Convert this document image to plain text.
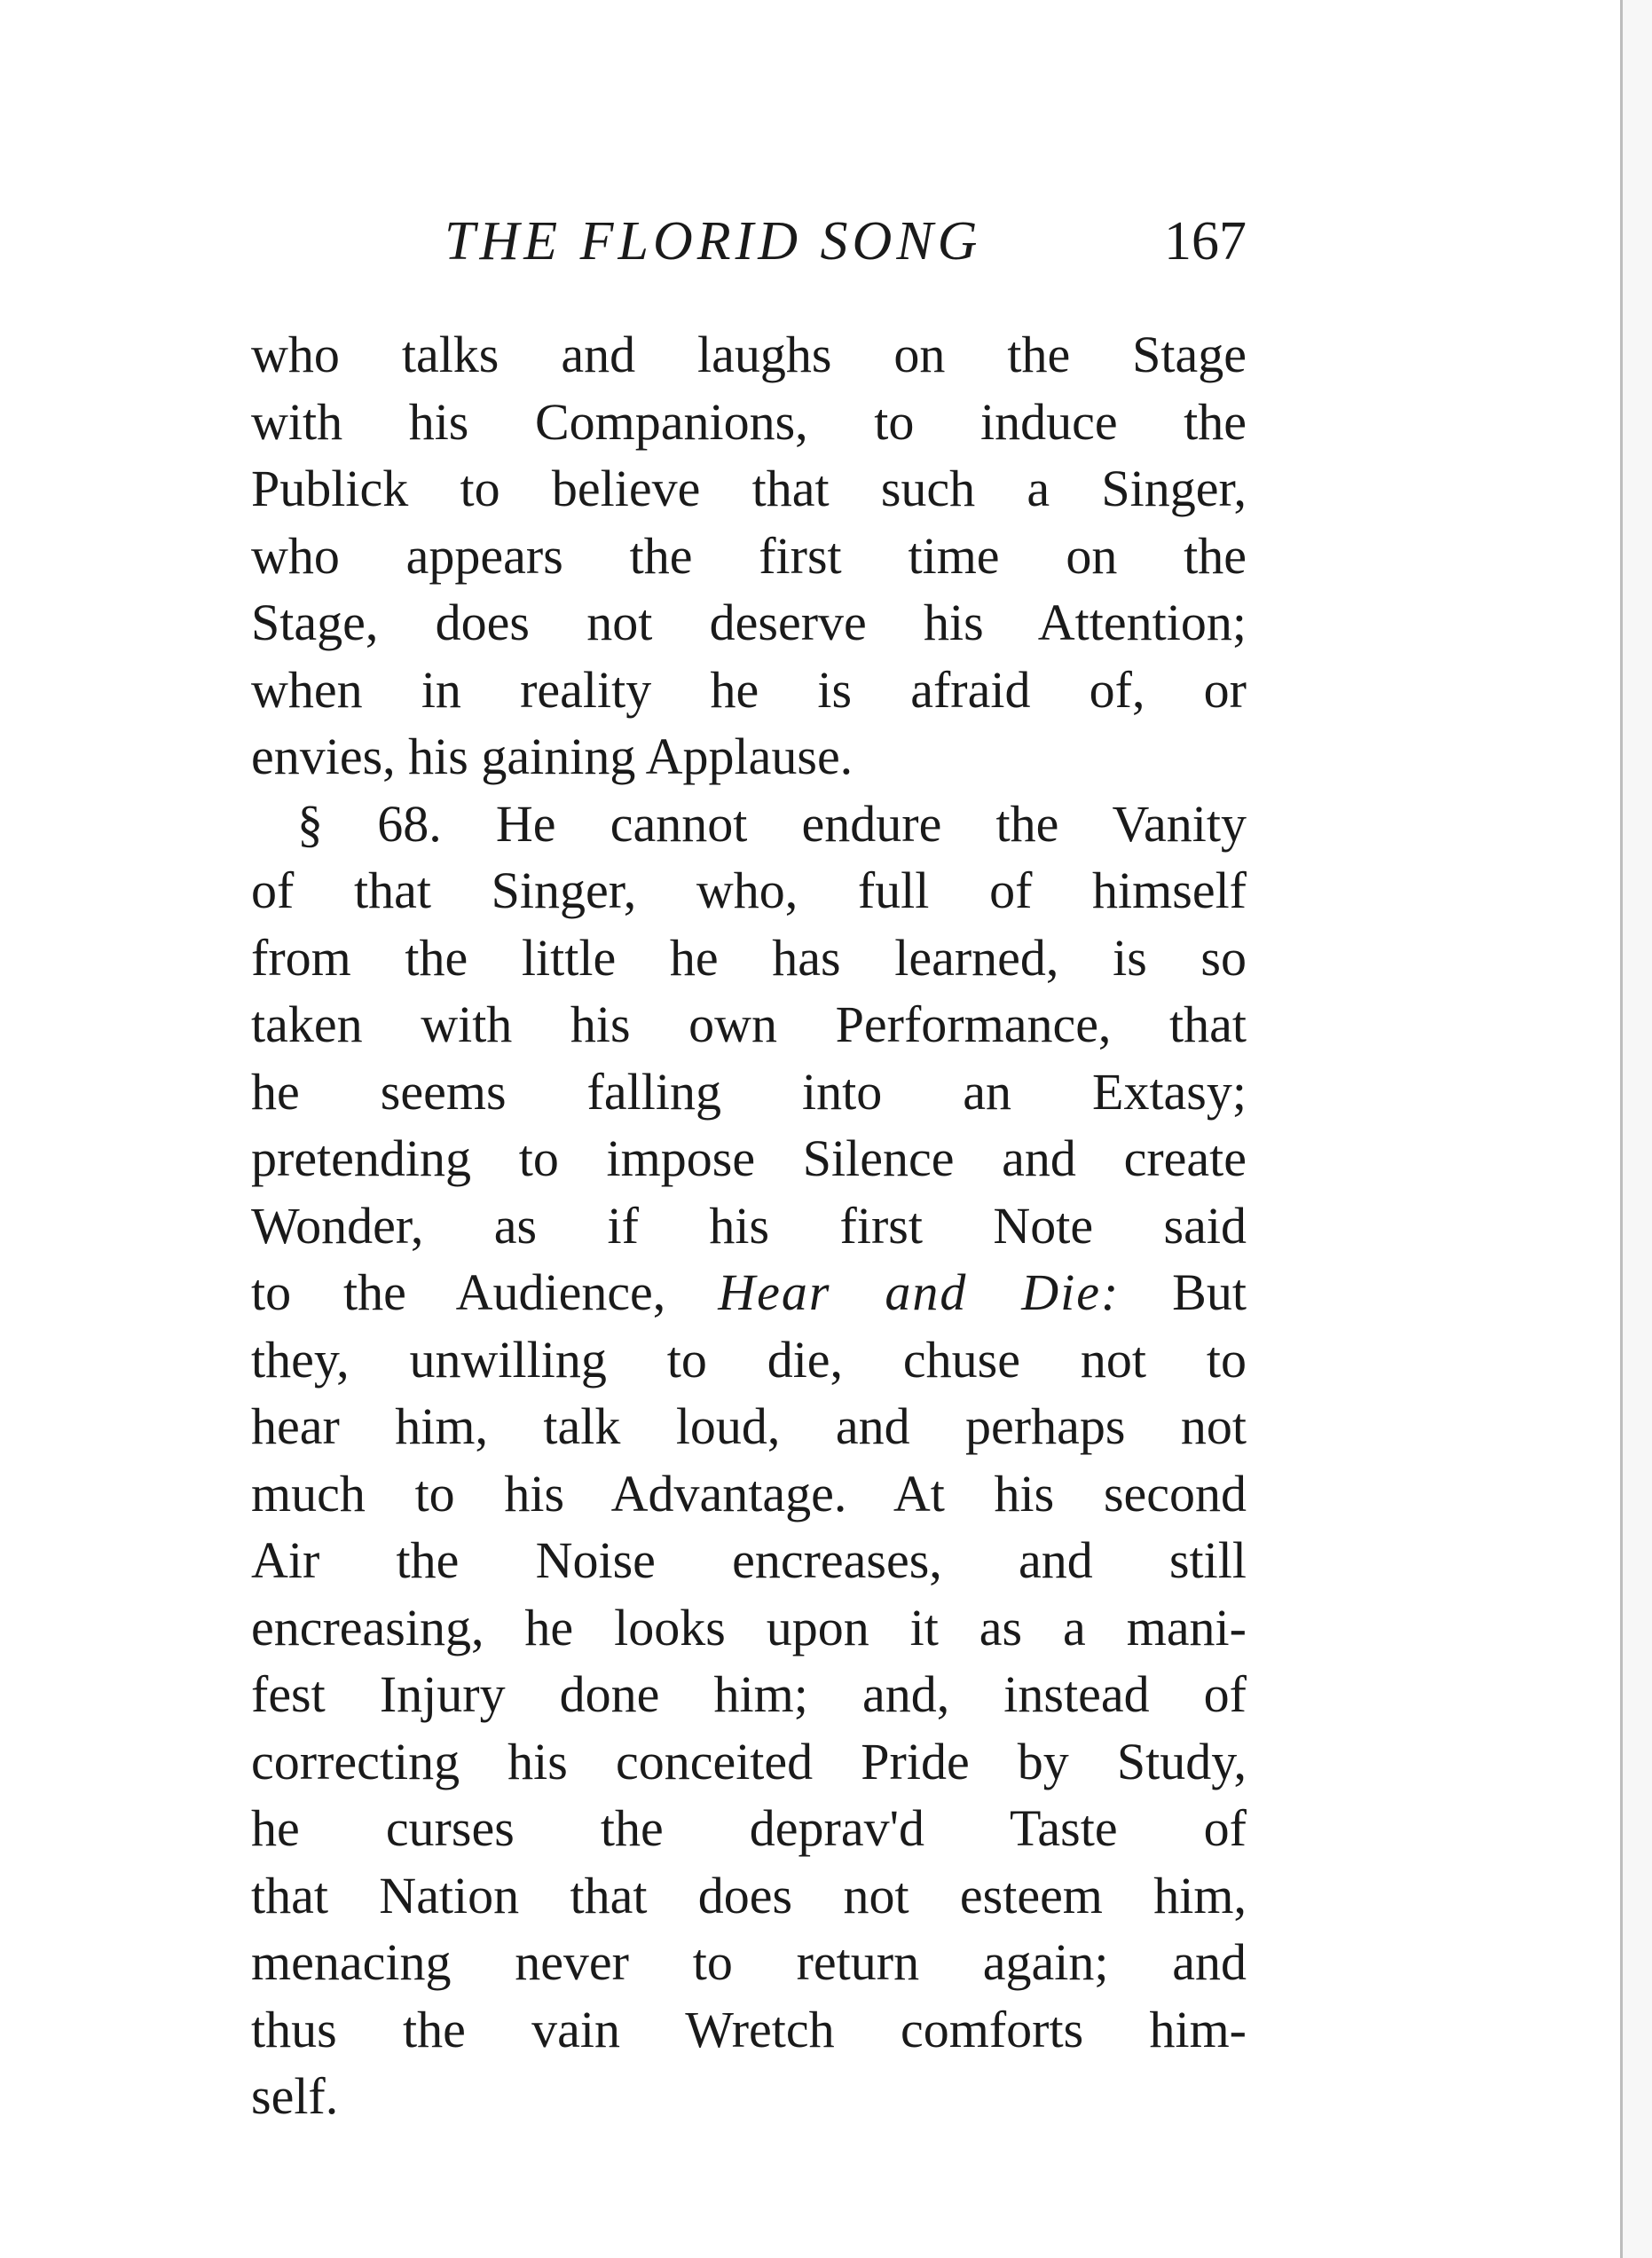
THE FLORID SONG	167
who talks and laughs on the Stage
with his Companions, to induce the
Publick to believe that such a Singer,
who appears the first time on the
Stage, does not deserve his Attention;
when in reality he is afraid of, or
envies, his gaining Applause.
§ 68. He cannot endure the Vanity
of that Singer, who, full of himself
from the little he has learned, is so
taken with his own Performance, that
he seems falling into an Extasy;
pretending to impose Silence and create
Wonder, as if his first Note said
to the Audience, Hear and Die: But
they, unwilling to die, chuse not to
hear him, talk loud, and perhaps not
much to his Advantage. At his second
Air the Noise encreases, and still
encreasing, he looks upon it as a mani-
fest Injury done him; and, instead of
correcting his conceited Pride by Study,
he curses the deprav'd Taste of
that Nation that does not esteem him,
menacing never to return again; and
thus the vain Wretch comforts him-
self.
